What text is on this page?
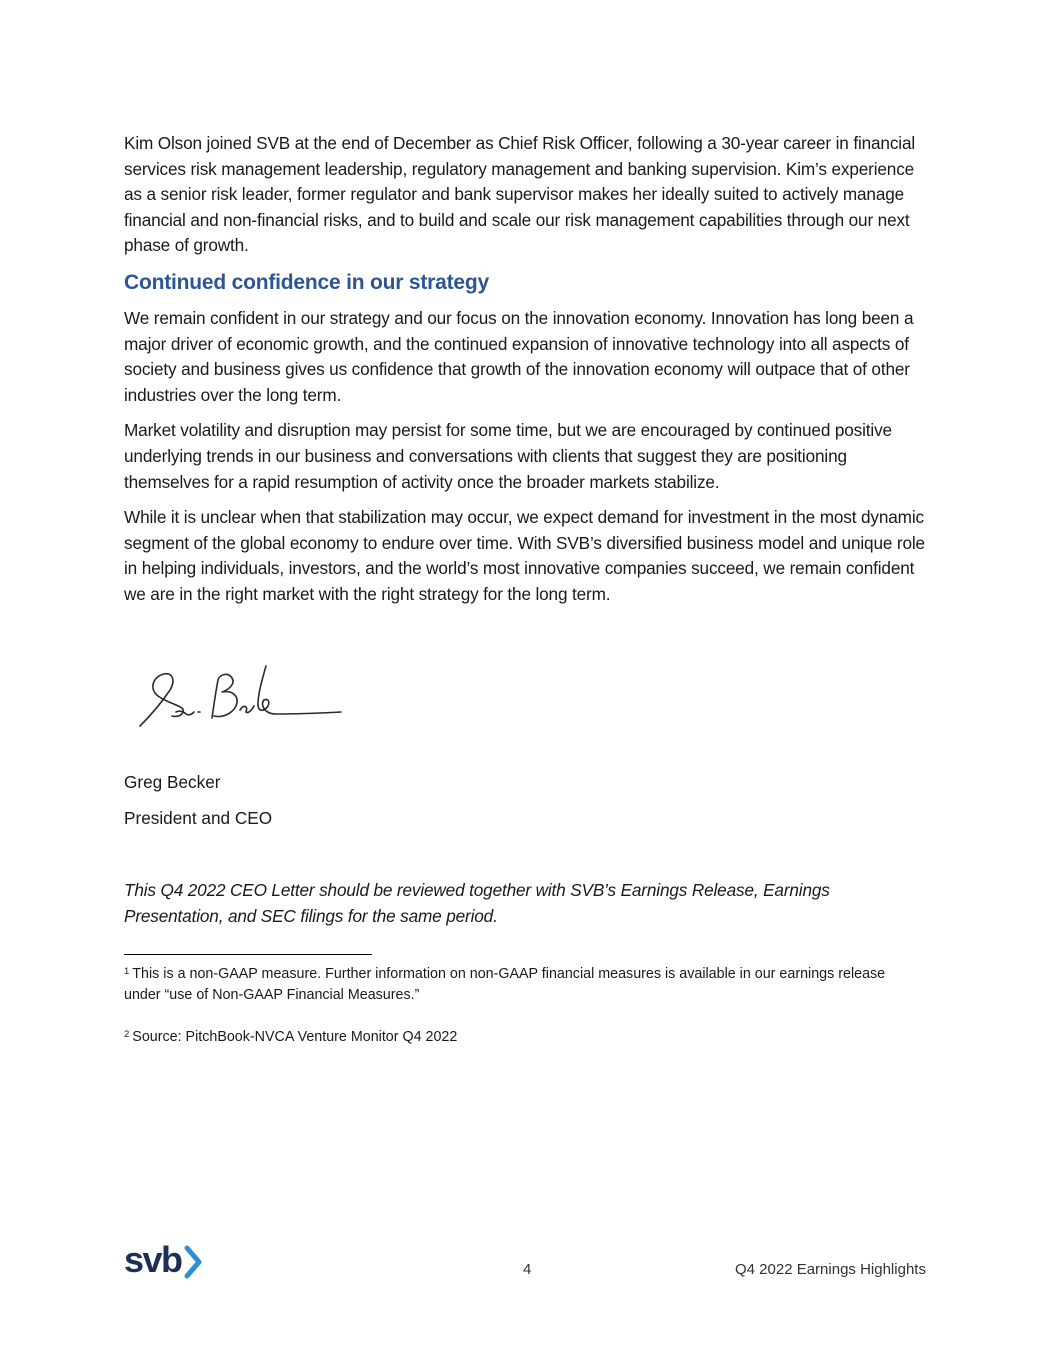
Kim Olson joined SVB at the end of December as Chief Risk Officer, following a 30-year career in financial services risk management leadership, regulatory management and banking supervision. Kim’s experience as a senior risk leader, former regulator and bank supervisor makes her ideally suited to actively manage financial and non-financial risks, and to build and scale our risk management capabilities through our next phase of growth.

Continued confidence in our strategy

We remain confident in our strategy and our focus on the innovation economy. Innovation has long been a major driver of economic growth, and the continued expansion of innovative technology into all aspects of society and business gives us confidence that growth of the innovation economy will outpace that of other industries over the long term.

Market volatility and disruption may persist for some time, but we are encouraged by continued positive underlying trends in our business and conversations with clients that suggest they are positioning themselves for a rapid resumption of activity once the broader markets stabilize.

While it is unclear when that stabilization may occur, we expect demand for investment in the most dynamic segment of the global economy to endure over time. With SVB’s diversified business model and unique role in helping individuals, investors, and the world’s most innovative companies succeed, we remain confident we are in the right market with the right strategy for the long term.

Greg Becker
President and CEO
This Q4 2022 CEO Letter should be reviewed together with SVB’s Earnings Release, Earnings Presentation, and SEC filings for the same period.
$^1$ This is a non-GAAP measure. Further information on non-GAAP financial measures is available in our earnings release under “use of Non-GAAP Financial Measures.”
$^2$ Source: PitchBook-NVCA Venture Monitor Q4 2022
svb	4	Q4 2022 Earnings Highlights
